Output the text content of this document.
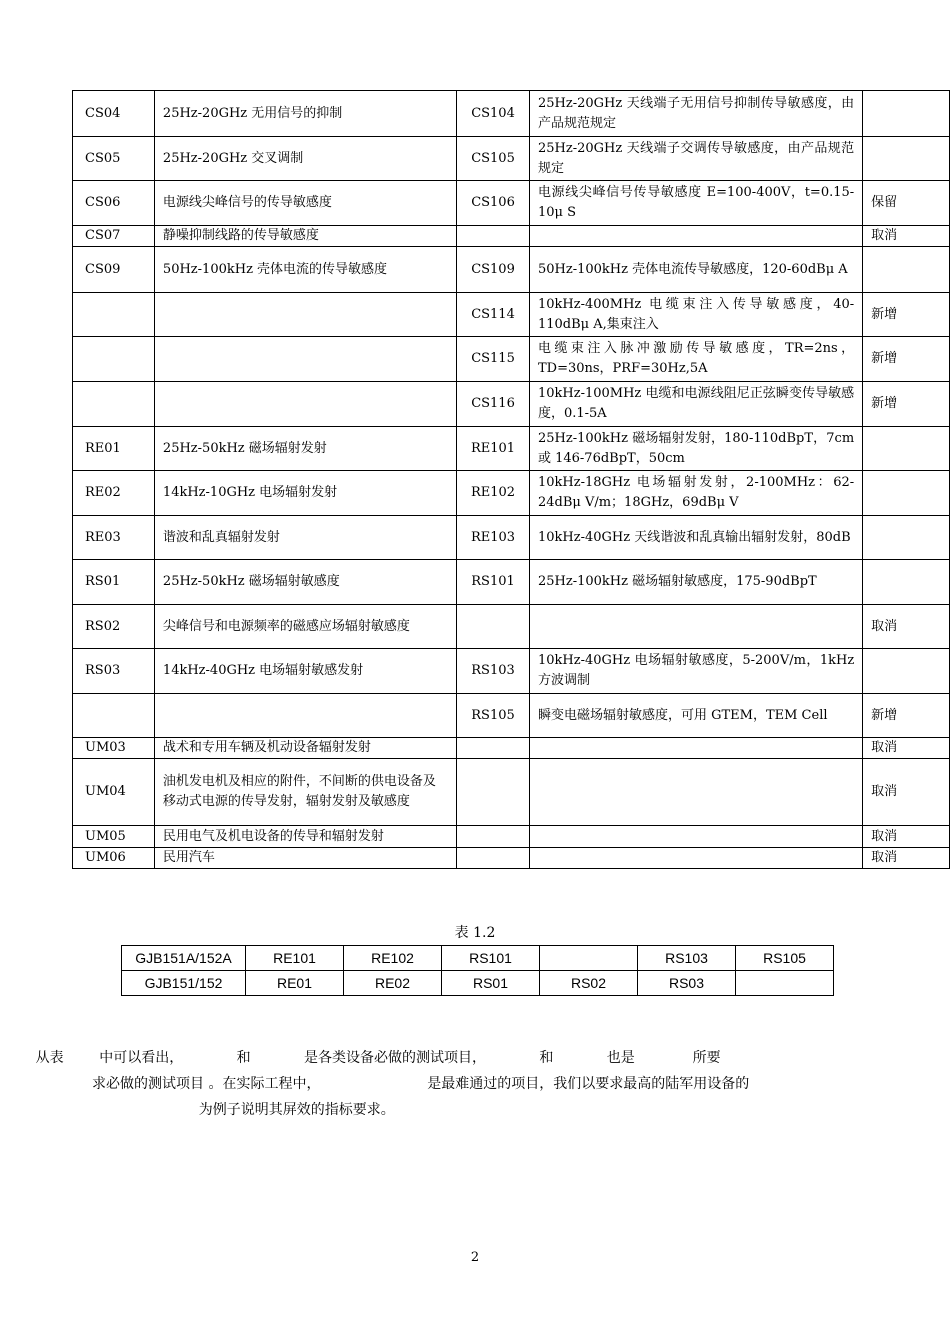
CS04	25Hz-20GHz 无用信号的抑制	CS104	25Hz-20GHz 天线端子无用信号抑制传导敏感度，由产品规范规定	
CS05	25Hz-20GHz 交叉调制	CS105	25Hz-20GHz 天线端子交调传导敏感度，由产品规范规定	
CS06	电源线尖峰信号的传导敏感度	CS106	电源线尖峰信号传导敏感度 E=100-400V，t=0.15-10μ S	保留
CS07	静噪抑制线路的传导敏感度			取消
CS09	50Hz-100kHz 壳体电流的传导敏感度	CS109	50Hz-100kHz 壳体电流传导敏感度，120-60dBμ A	
		CS114	10kHz-400MHz 电缆束注入传导敏感度，40-110dBμ A,集束注入	新增
		CS115	电缆束注入脉冲激励传导敏感度，TR=2ns，TD=30ns，PRF=30Hz,5A	新增
		CS116	10kHz-100MHz 电缆和电源线阻尼正弦瞬变传导敏感度，0.1-5A	新增
RE01	25Hz-50kHz 磁场辐射发射	RE101	25Hz-100kHz 磁场辐射发射，180-110dBpT，7cm 或 146-76dBpT，50cm	
RE02	14kHz-10GHz 电场辐射发射	RE102	10kHz-18GHz 电场辐射发射，2-100MHz：62-24dBμ V/m；18GHz，69dBμ V	
RE03	谐波和乱真辐射发射	RE103	10kHz-40GHz 天线谐波和乱真输出辐射发射，80dB	
RS01	25Hz-50kHz 磁场辐射敏感度	RS101	25Hz-100kHz 磁场辐射敏感度，175-90dBpT	
RS02	尖峰信号和电源频率的磁感应场辐射敏感度			取消
RS03	14kHz-40GHz 电场辐射敏感发射	RS103	10kHz-40GHz 电场辐射敏感度，5-200V/m，1kHz 方波调制	
		RS105	瞬变电磁场辐射敏感度，可用 GTEM，TEM Cell	新增
UM03	战术和专用车辆及机动设备辐射发射			取消
UM04	油机发电机及相应的附件，不间断的供电设备及移动式电源的传导发射，辐射发射及敏感度			取消
UM05	民用电气及机电设备的传导和辐射发射			取消
UM06	民用汽车			取消
表 1.2
GJB151A/152A	RE101	RE102	RS101		RS103	RS105
GJB151/152	RE01	RE02	RS01	RS02	RS03	
从表        中可以看出，            和            是各类设备必做的测试项目，            和            也是             所要
求必做的测试项目 。在实际工程中，                        是最难通过的项目，我们以要求最高的陆军用设备的
为例子说明其屏效的指标要求。
2
